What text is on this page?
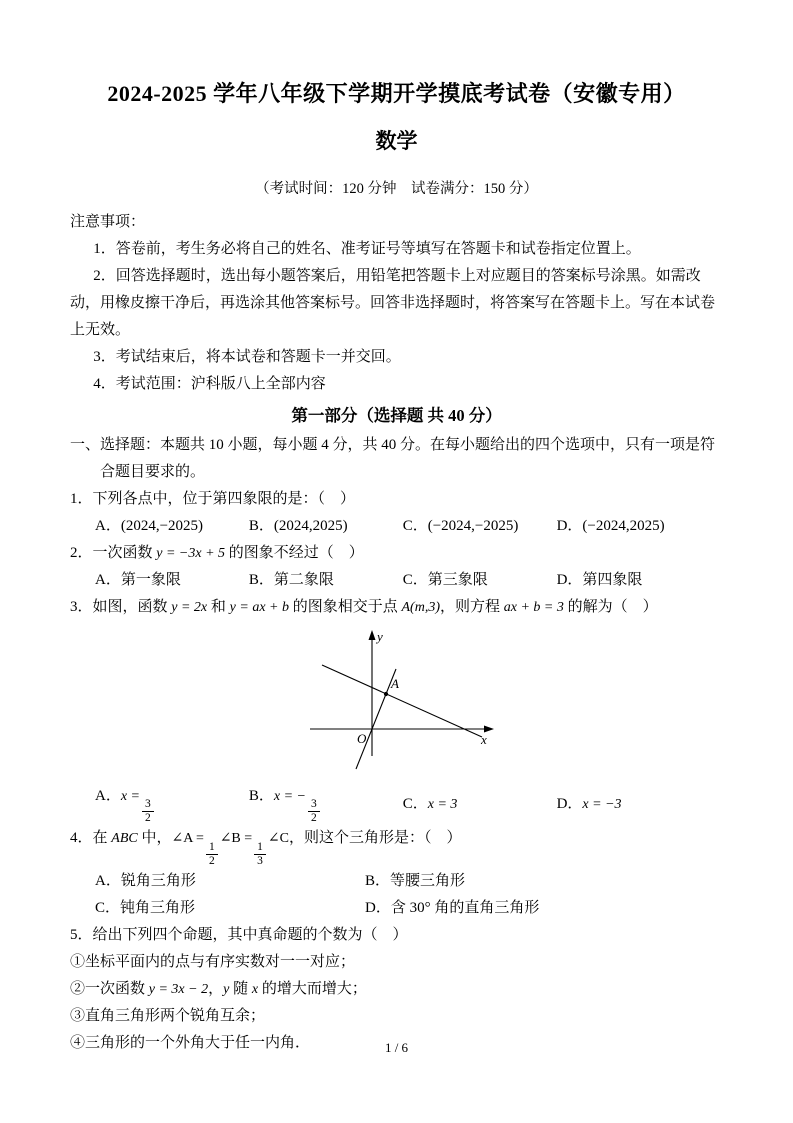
2024-2025 学年八年级下学期开学摸底考试卷（安徽专用）
数学
（考试时间：120 分钟　试卷满分：150 分）

注意事项：

1．答卷前，考生务必将自己的姓名、准考证号等填写在答题卡和试卷指定位置上。

2．回答选择题时，选出每小题答案后，用铅笔把答题卡上对应题目的答案标号涂黑。如需改动，用橡皮擦干净后，再选涂其他答案标号。回答非选择题时，将答案写在答题卡上。写在本试卷上无效。

3．考试结束后，将本试卷和答题卡一并交回。

4．考试范围：沪科版八上全部内容

第一部分（选择题 共 40 分）

一、选择题：本题共 10 小题，每小题 4 分，共 40 分。在每小题给出的四个选项中，只有一项是符合题目要求的。

1．下列各点中，位于第四象限的是：（　）

A．(2024,−2025)	B．(2024,2025)	C．(−2024,−2025)	D．(−2024,2025)

2．一次函数 y = −3x + 5 的图象不经过（　）

A．第一象限	B．第二象限	C．第三象限	D．第四象限

3．如图，函数 y = 2x 和 y = ax + b 的图象相交于点 A(m,3)，则方程 ax + b = 3 的解为（　）

y
x
O
A
A．x =
$\frac{3}{2}$
B．x = −
$\frac{3}{2}$	C．x = 3	D．x = −3

4．在 ABC 中，∠A =
$\frac{1}{2}$
∠B =
$\frac{1}{3}$
∠C，则这个三角形是：（　）

A．锐角三角形	B．等腰三角形
C．钝角三角形	D．含 30° 角的直角三角形

5．给出下列四个命题，其中真命题的个数为（　）

①坐标平面内的点与有序实数对一一对应；

②一次函数 y = 3x − 2，y 随 x 的增大而增大；

③直角三角形两个锐角互余；

④三角形的一个外角大于任一内角．	1 / 6
